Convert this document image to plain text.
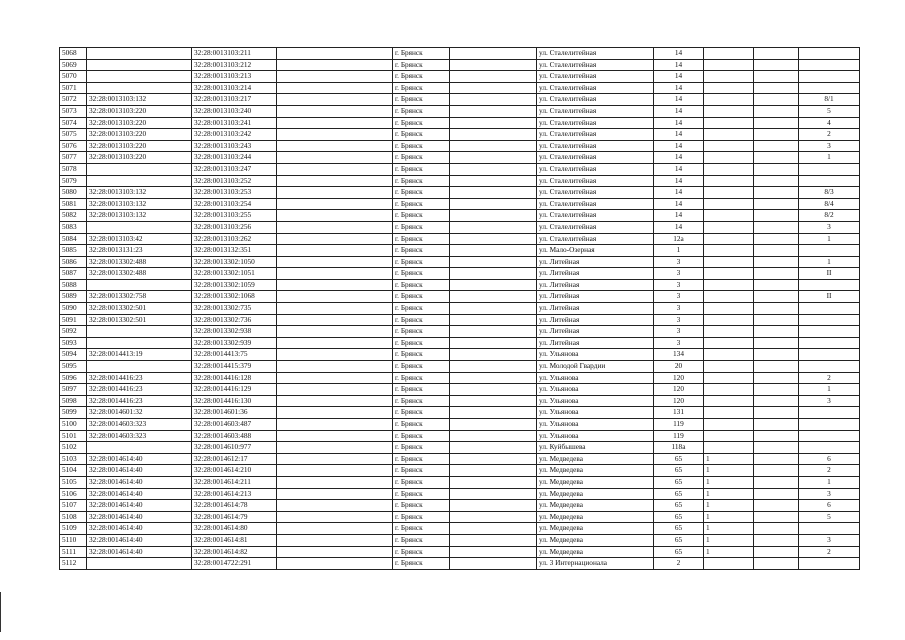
5068		32:28:0013103:211		г. Брянск		ул. Сталелитейная	14			
5069		32:28:0013103:212		г. Брянск		ул. Сталелитейная	14			
5070		32:28:0013103:213		г. Брянск		ул. Сталелитейная	14			
5071		32:28:0013103:214		г. Брянск		ул. Сталелитейная	14			
5072	32:28:0013103:132	32:28:0013103:217		г. Брянск		ул. Сталелитейная	14			8/1
5073	32:28:0013103:220	32:28:0013103:240		г. Брянск		ул. Сталелитейная	14			5
5074	32:28:0013103:220	32:28:0013103:241		г. Брянск		ул. Сталелитейная	14			4
5075	32:28:0013103:220	32:28:0013103:242		г. Брянск		ул. Сталелитейная	14			2
5076	32:28:0013103:220	32:28:0013103:243		г. Брянск		ул. Сталелитейная	14			3
5077	32:28:0013103:220	32:28:0013103:244		г. Брянск		ул. Сталелитейная	14			1
5078		32:28:0013103:247		г. Брянск		ул. Сталелитейная	14			
5079		32:28:0013103:252		г. Брянск		ул. Сталелитейная	14			
5080	32:28:0013103:132	32:28:0013103:253		г. Брянск		ул. Сталелитейная	14			8/3
5081	32:28:0013103:132	32:28:0013103:254		г. Брянск		ул. Сталелитейная	14			8/4
5082	32:28:0013103:132	32:28:0013103:255		г. Брянск		ул. Сталелитейная	14			8/2
5083		32:28:0013103:256		г. Брянск		ул. Сталелитейная	14			3
5084	32:28:0013103:42	32:28:0013103:262		г. Брянск		ул. Сталелитейная	12а			1
5085	32:28:0013131:23	32:28:0013132:351		г. Брянск		ул. Мало-Озерная	1			
5086	32:28:0013302:488	32:28:0013302:1050		г. Брянск		ул. Литейная	3			1
5087	32:28:0013302:488	32:28:0013302:1051		г. Брянск		ул. Литейная	3			II
5088		32:28:0013302:1059		г. Брянск		ул. Литейная	3			
5089	32:28:0013302:758	32:28:0013302:1068		г. Брянск		ул. Литейная	3			II
5090	32:28:0013302:501	32:28:0013302:735		г. Брянск		ул. Литейная	3			
5091	32:28:0013302:501	32:28:0013302:736		г. Брянск		ул. Литейная	3			
5092		32:28:0013302:938		г. Брянск		ул. Литейная	3			
5093		32:28:0013302:939		г. Брянск		ул. Литейная	3			
5094	32:28:0014413:19	32:28:0014413:75		г. Брянск		ул. Ульянова	134			
5095		32:28:0014415:379		г. Брянск		ул. Молодой Гвардии	20			
5096	32:28:0014416:23	32:28:0014416:128		г. Брянск		ул. Ульянова	120			2
5097	32:28:0014416:23	32:28:0014416:129		г. Брянск		ул. Ульянова	120			1
5098	32:28:0014416:23	32:28:0014416:130		г. Брянск		ул. Ульянова	120			3
5099	32:28:0014601:32	32:28:0014601:36		г. Брянск		ул. Ульянова	131			
5100	32:28:0014603:323	32:28:0014603:487		г. Брянск		ул. Ульянова	119			
5101	32:28:0014603:323	32:28:0014603:488		г. Брянск		ул. Ульянова	119			
5102		32:28:0014610:977		г. Брянск		ул. Куйбышева	118а			
5103	32:28:0014614:40	32:28:0014612:17		г. Брянск		ул. Медведева	65	1		6
5104	32:28:0014614:40	32:28:0014614:210		г. Брянск		ул. Медведева	65	1		2
5105	32:28:0014614:40	32:28:0014614:211		г. Брянск		ул. Медведева	65	1		1
5106	32:28:0014614:40	32:28:0014614:213		г. Брянск		ул. Медведева	65	1		3
5107	32:28:0014614:40	32:28:0014614:78		г. Брянск		ул. Медведева	65	1		6
5108	32:28:0014614:40	32:28:0014614:79		г. Брянск		ул. Медведева	65	1		5
5109	32:28:0014614:40	32:28:0014614:80		г. Брянск		ул. Медведева	65	1		
5110	32:28:0014614:40	32:28:0014614:81		г. Брянск		ул. Медведева	65	1		3
5111	32:28:0014614:40	32:28:0014614:82		г. Брянск		ул. Медведева	65	1		2
5112		32:28:0014722:291		г. Брянск		ул. 3 Интернационала	2			
